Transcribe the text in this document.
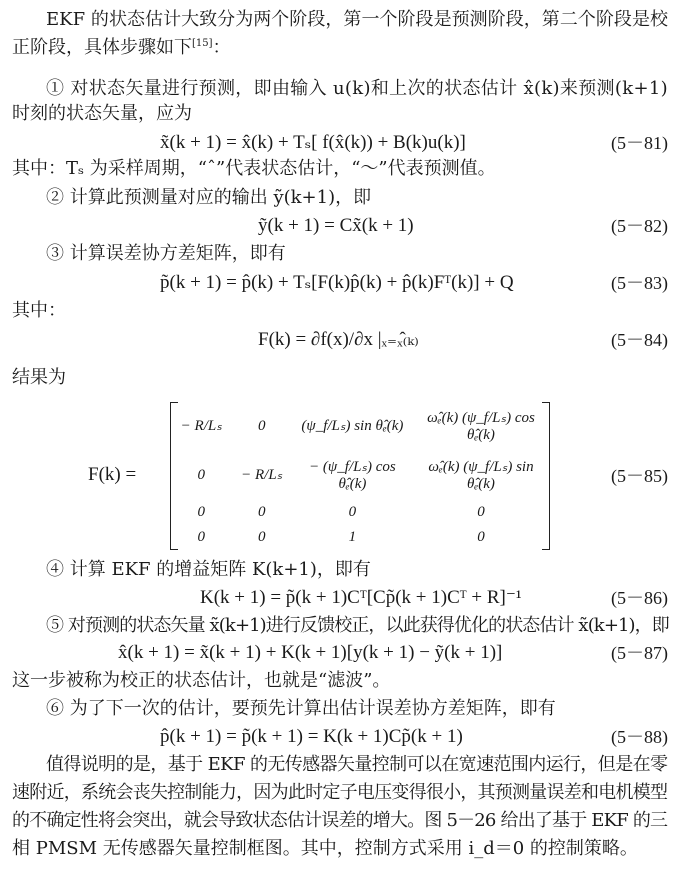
EKF 的状态估计大致分为两个阶段，第一个阶段是预测阶段，第二个阶段是校
正阶段，具体步骤如下[15]：
① 对状态矢量进行预测，即由输入 u(k)和上次的状态估计 x̂(k)来预测(k+1)
时刻的状态矢量，应为
x̃(k + 1) = x̂(k) + Tₛ[ f(x̂(k)) + B(k)u(k)]	(5－81)
其中：Tₛ 为采样周期，“ˆ”代表状态估计，“～”代表预测值。
② 计算此预测量对应的输出 ỹ(k+1)，即
ỹ(k + 1) = Cx̃(k + 1)	(5－82)
③ 计算误差协方差矩阵，即有
p̃(k + 1) = p̂(k) + Tₛ[F(k)p̂(k) + p̂(k)Fᵀ(k)] + Q	(5－83)
其中：
F(k) = ∂f(x)/∂x |ₓ₌ₓ̂₍ₖ₎	(5－84)
结果为
F(k) =
− R/Lₛ	0	(ψ_f/Lₛ) sin θ̂ₑ(k)	ω̂ₑ(k) (ψ_f/Lₛ) cos θ̂ₑ(k)
0	− R/Lₛ	− (ψ_f/Lₛ) cos θ̂ₑ(k)	ω̂ₑ(k) (ψ_f/Lₛ) sin θ̂ₑ(k)
0	0	0	0
0	0	1	0
(5－85)
④ 计算 EKF 的增益矩阵 K(k+1)，即有
K(k + 1) = p̃(k + 1)Cᵀ[Cp̃(k + 1)Cᵀ + R]⁻¹	(5－86)
⑤ 对预测的状态矢量 x̃(k+1)进行反馈校正，以此获得优化的状态估计 x̃(k+1)，即
x̂(k + 1) = x̃(k + 1) + K(k + 1)[y(k + 1) − ỹ(k + 1)]	(5－87)
这一步被称为校正的状态估计，也就是“滤波”。
⑥ 为了下一次的估计，要预先计算出估计误差协方差矩阵，即有
p̂(k + 1) = p̃(k + 1) = K(k + 1)Cp̃(k + 1)	(5－88)
值得说明的是，基于 EKF 的无传感器矢量控制可以在宽速范围内运行，但是在零
速附近，系统会丧失控制能力，因为此时定子电压变得很小，其预测量误差和电机模型
的不确定性将会突出，就会导致状态估计误差的增大。图 5－26 给出了基于 EKF 的三
相 PMSM 无传感器矢量控制框图。其中，控制方式采用 i_d＝0 的控制策略。
